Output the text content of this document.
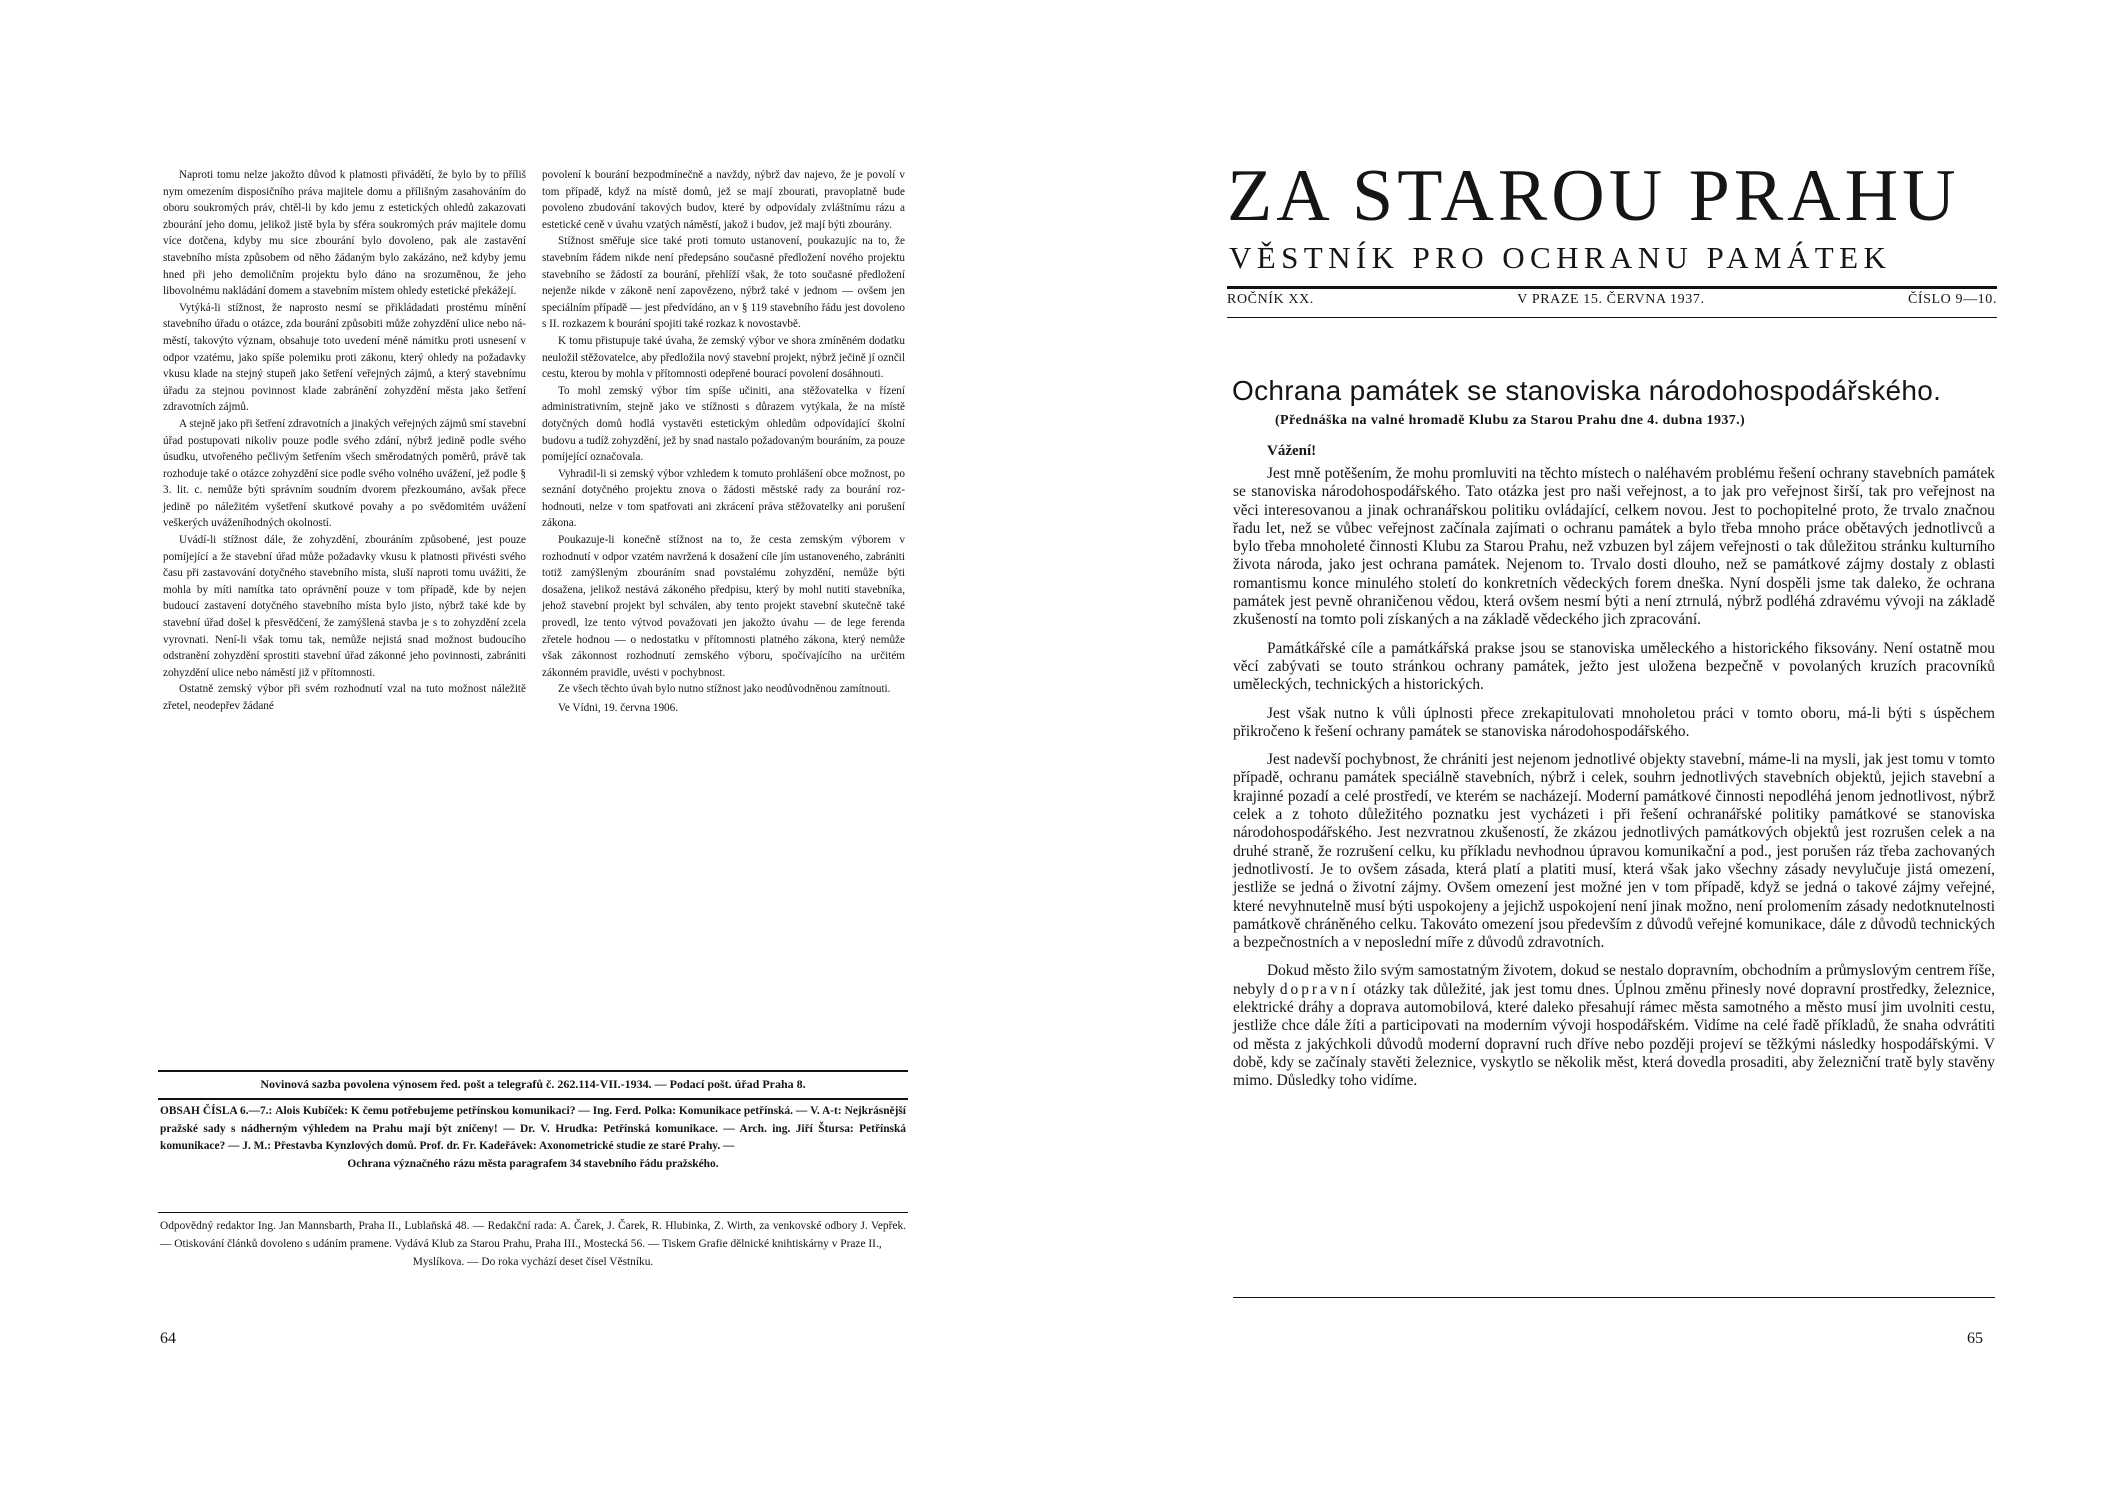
Naproti tomu nelze jakožto důvod k platnosti přivádětí, že bylo by to příliš nym omezením disposičního práva majitele domu a přílišným zasahováním do oboru soukromých práv, chtěl-li by kdo jemu z estetických ohledů zakazovati zbourání jeho domu, jelikož jistě byla by sféra soukromých práv majitele domu více dotčena, kdyby mu sice zbourání bylo dovoleno, pak ale zastavění stavebního místa způsobem od něho žádaným bylo zakázáno, než kdyby jemu hned při jeho demoličním projektu bylo dáno na srozuměnou, že jeho libovolnému nakládání domem a stavebním místem ohledy estetické překážejí.

Vytýká-li stížnost, že naprosto nesmí se přikládadati prostému mínění stavebního úřadu o otázce, zda bourání způsobiti může zohyzdění ulice nebo náměstí, takovýto význam, obsahuje toto uvedení méně námitku proti usnesení v odpor vzatému, jako spíše polemiku proti zákonu, který ohledy na požadavky vkusu klade na stejný stupeň jako šetření veřejných zájmů, a který stavebnímu úřadu za stejnou povinnost klade zabránění zohyzdění města jako šetření zdravotních zájmů.

A stejně jako při šetření zdravotních a jinakých veřejných zájmů smí stavební úřad postupovati nikoliv pouze podle svého zdání, nýbrž jedině podle svého úsudku, utvořeného pečlivým šetřením všech směrodatných poměrů, právě tak rozhoduje také o otázce zohyzdění sice podle svého volného uvážení, jež podle § 3. lit. c. nemůže býti správním soudním dvorem přezkoumáno, avšak přece jedině po náležitém vyšetření skutkové povahy a po svědomitém uvážení veškerých uváženíhodných okolností.

Uvádí-li stížnost dále, že zohyzdění, zbouráním způsobené, jest pouze pomíjející a že stavební úřad může požadavky vkusu k platnosti přivésti svého času při zastavování dotyčného stavebního místa, sluší naproti tomu uvážiti, že mohla by míti namítka tato oprávnění pouze v tom případě, kde by nejen budoucí zastavení dotyčného stavebního místa bylo jisto, nýbrž také kde by stavební úřad došel k přesvědčení, že zamýšlená stavba je s to zohyzdění zcela vyrovnati. Není-li však tomu tak, nemůže nejistá snad možnost budoucího odstranění zohyzdění sprostiti stavební úřad zákonné jeho povinnosti, zabrániti zohyzdění ulice nebo náměstí již v přítomnosti.

Ostatně zemský výbor při svém rozhodnutí vzal na tuto možnost náležitě zřetel, neodepřev žádané

povolení k bourání bezpodmínečně a navždy, nýbrž dav najevo, že je povolí v tom případě, když na místě domů, jež se mají zbourati, pravoplatně bude povoleno zbudování takových budov, které by odpovídaly zvláštnímu rázu a estetické ceně v úvahu vzatých náměstí, jakož i budov, jež mají býti zbourány.

Stížnost směřuje sice také proti tomuto ustanovení, poukazujíc na to, že stavebním řádem nikde není předepsáno současné předložení nového projektu stavebního se žádostí za bourání, přehlíží však, že toto současné předložení nejenže nikde v zákoně není zapovězeno, nýbrž také v jednom — ovšem jen speciálním případě — jest předvídáno, an v § 119 stavebního řádu jest dovoleno s II. rozkazem k bourání spojiti také rozkaz k novostavbě.

K tomu přistupuje také úvaha, že zemský výbor ve shora zmíněném dodatku neuložil stěžovatelce, aby předložila nový stavební projekt, nýbrž ječině jí oznčil cestu, kterou by mohla v přítomnosti odepřené bourací povolení dosáhnouti.

To mohl zemský výbor tím spíše učiniti, ana stěžovatelka v řízení administrativním, stejně jako ve stížnosti s důrazem vytýkala, že na místě dotyčných domů hodlá vystavěti estetickým ohledům odpovídající školní budovu a tudíž zohyzdění, jež by snad nastalo požadovaným bouráním, za pouze pomíjející označovala.

Vyhradil-li si zemský výbor vzhledem k tomuto prohlášení obce možnost, po seznání dotyčného projektu znova o žádosti městské rady za bourání rozhodnouti, nelze v tom spatřovati ani zkrácení práva stěžovatelky ani porušení zákona.

Poukazuje-li konečně stížnost na to, že cesta zemským výborem v rozhodnutí v odpor vzatém navržená k dosažení cíle jím ustanoveného, zabrániti totiž zamýšleným zbouráním snad povstalému zohyzdění, nemůže býti dosažena, jelikož nestává zákoného předpisu, který by mohl nutiti stavebníka, jehož stavební projekt byl schválen, aby tento projekt stavební skutečně také provedl, lze tento výtvod považovati jen jakožto úvahu — de lege ferenda zřetele hodnou — o nedostatku v přítomnosti platného zákona, který nemůže však zákonnost rozhodnutí zemského výboru, spočívajícího na určitém zákonném pravidle, uvésti v pochybnost.

Ze všech těchto úvah bylo nutno stížnost jako neodůvodněnou zamítnouti.

Ve Vídni, 19. června 1906.

Novinová sazba povolena výnosem řed. pošt a telegrafů č. 262.114-VII.-1934. — Podací pošt. úřad Praha 8.
OBSAH ČÍSLA 6.—7.: Alois Kubíček: K čemu potřebujeme petřínskou komunikaci? — Ing. Ferd. Polka: Komunikace petřínská. — V. A-t: Nejkrásnější pražské sady s nádherným výhledem na Prahu mají být zničeny! — Dr. V. Hrudka: Petřínská komunikace. — Arch. ing. Jiří Štursa: Petřínská komunikace? — J. M.: Přestavba Kynzlových domů. Prof. dr. Fr. Kadeřávek: Axonometrické studie ze staré Prahy. —
Ochrana význačného rázu města paragrafem 34 stavebního řádu pražského.
Odpovědný redaktor Ing. Jan Mannsbarth, Praha II., Lublaňská 48. — Redakční rada: A. Čarek, J. Čarek, R. Hlubinka, Z. Wirth, za venkovské odbory J. Vepřek. — Otiskování článků dovoleno s udáním pramene. Vydává Klub za Starou Prahu, Praha III., Mostecká 56. — Tiskem Grafie dělnické knihtiskárny v Praze II.,
Myslíkova. — Do roka vychází deset čísel Věstníku.
64
ZA STAROU PRAHU
VĚSTNÍK PRO OCHRANU PAMÁTEK
ROČNÍK XX.	V PRAZE 15. ČERVNA 1937.	ČÍSLO 9—10.
Ochrana památek se stanoviska národohospodářského.
(Přednáška na valné hromadě Klubu za Starou Prahu dne 4. dubna 1937.)
Vážení!

Jest mně potěšením, že mohu promluviti na těchto místech o naléhavém problému řešení ochrany stavebních památek se stanoviska národohospodářského. Tato otázka jest pro naši veřejnost, a to jak pro veřejnost širší, tak pro veřejnost na věci interesovanou a jinak ochranářskou politiku ovládající, celkem novou. Jest to pochopitelné proto, že trvalo značnou řadu let, než se vůbec veřejnost začínala zajímati o ochranu památek a bylo třeba mnoho práce obětavých jednotlivců a bylo třeba mnoholeté činnosti Klubu za Starou Prahu, než vzbuzen byl zájem veřejnosti o tak důležitou stránku kulturního života národa, jako jest ochrana památek. Nejenom to. Trvalo dosti dlouho, než se památkové zájmy dostaly z oblasti romantismu konce minulého století do konkretních vědeckých forem dneška. Nyní dospěli jsme tak daleko, že ochrana památek jest pevně ohraničenou vědou, která ovšem nesmí býti a není ztrnulá, nýbrž podléhá zdravému vývoji na základě zkušeností na tomto poli získaných a na základě vědeckého jich zpracování.

Památkářské cíle a památkářská prakse jsou se stanoviska uměleckého a historického fiksovány. Není ostatně mou věcí zabývati se touto stránkou ochrany památek, ježto jest uložena bezpečně v povolaných kruzích pracovníků uměleckých, technických a historických.

Jest však nutno k vůli úplnosti přece zrekapitulovati mnoholetou práci v tomto oboru, má-li býti s úspěchem přikročeno k řešení ochrany památek se stanoviska národohospodářského.

Jest nadevší pochybnost, že chrániti jest nejenom jednotlivé objekty stavební, máme-li na mysli, jak jest tomu v tomto případě, ochranu památek speciálně stavebních, nýbrž i celek, souhrn jednotlivých stavebních objektů, jejich stavební a krajinné pozadí a celé prostředí, ve kterém se nacházejí. Moderní památkové činnosti nepodléhá jenom jednotlivost, nýbrž celek a z tohoto důležitého poznatku jest vycházeti i při řešení ochranářské politiky památkové se stanoviska národohospodářského. Jest nezvratnou zkušeností, že zkázou jednotlivých památkových objektů jest rozrušen celek a na druhé straně, že rozrušení celku, ku příkladu nevhodnou úpravou komunikační a pod., jest porušen ráz třeba zachovaných jednotlivostí. Je to ovšem zásada, která platí a platiti musí, která však jako všechny zásady nevylučuje jistá omezení, jestliže se jedná o životní zájmy. Ovšem omezení jest možné jen v tom případě, když se jedná o takové zájmy veřejné, které nevyhnutelně musí býti uspokojeny a jejichž uspokojení není jinak možno, není prolomením zásady nedotknutelnosti památkově chráněného celku. Takováto omezení jsou především z důvodů veřejné komunikace, dále z důvodů technických a bezpečnostních a v neposlední míře z důvodů zdravotních.

Dokud město žilo svým samostatným životem, dokud se nestalo dopravním, obchodním a průmyslovým centrem říše, nebyly dopravní otázky tak důležité, jak jest tomu dnes. Úplnou změnu přinesly nové dopravní prostředky, železnice, elektrické dráhy a doprava automobilová, které daleko přesahují rámec města samotného a město musí jim uvolniti cestu, jestliže chce dále žíti a participovati na moderním vývoji hospodářském. Vidíme na celé řadě příkladů, že snaha odvrátiti od města z jakýchkoli důvodů moderní dopravní ruch dříve nebo později projeví se těžkými následky hospodářskými. V době, kdy se začínaly stavěti železnice, vyskytlo se několik měst, která dovedla prosaditi, aby železniční tratě byly stavěny mimo. Důsledky toho vidíme.

65
